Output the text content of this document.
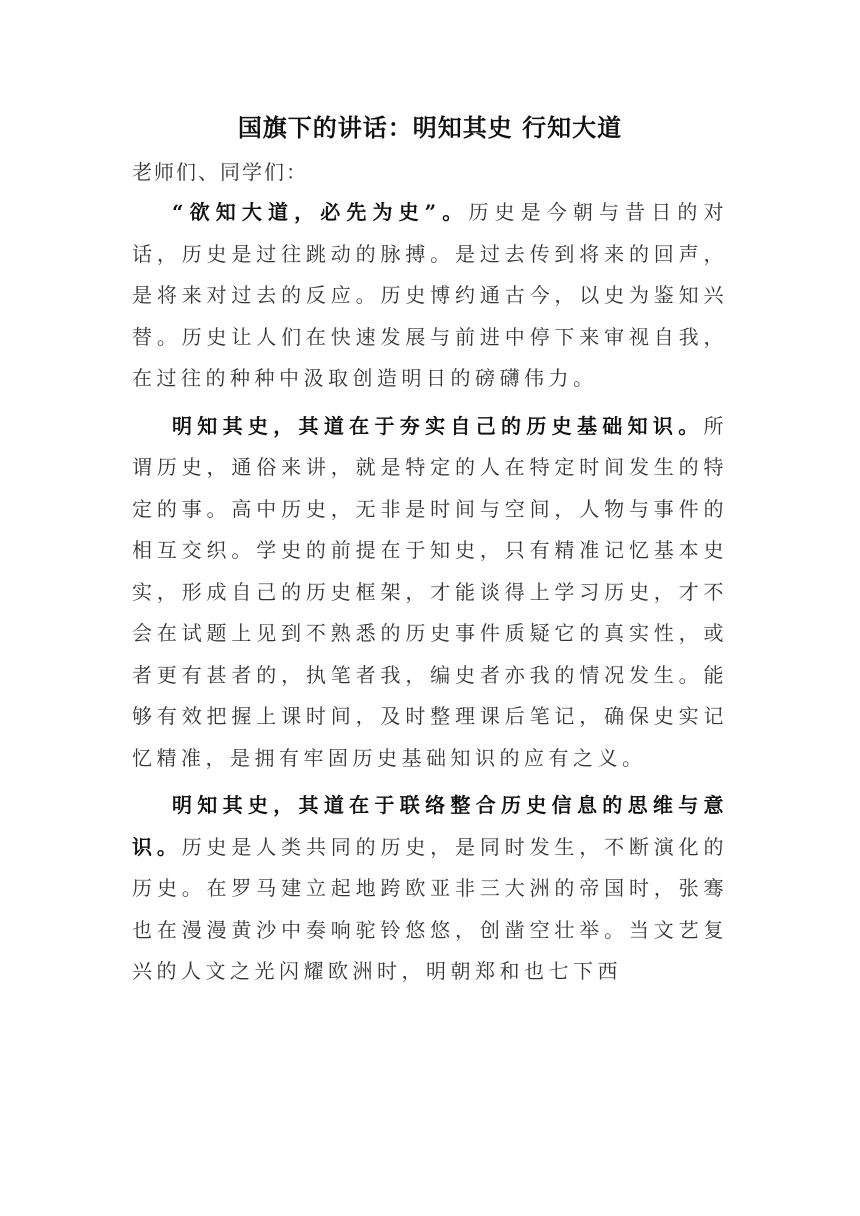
国旗下的讲话：明知其史 行知大道
老师们、同学们：

“欲知大道，必先为史”。历史是今朝与昔日的对话，历史是过往跳动的脉搏。是过去传到将来的回声，是将来对过去的反应。历史博约通古今，以史为鉴知兴替。历史让人们在快速发展与前进中停下来审视自我，在过往的种种中汲取创造明日的磅礴伟力。

明知其史，其道在于夯实自己的历史基础知识。所谓历史，通俗来讲，就是特定的人在特定时间发生的特定的事。高中历史，无非是时间与空间，人物与事件的相互交织。学史的前提在于知史，只有精准记忆基本史实，形成自己的历史框架，才能谈得上学习历史，才不会在试题上见到不熟悉的历史事件质疑它的真实性，或者更有甚者的，执笔者我，编史者亦我的情况发生。能够有效把握上课时间，及时整理课后笔记，确保史实记忆精准，是拥有牢固历史基础知识的应有之义。

明知其史，其道在于联络整合历史信息的思维与意识。历史是人类共同的历史，是同时发生，不断演化的历史。在罗马建立起地跨欧亚非三大洲的帝国时，张骞也在漫漫黄沙中奏响驼铃悠悠，创凿空壮举。当文艺复兴的人文之光闪耀欧洲时，明朝郑和也七下西
